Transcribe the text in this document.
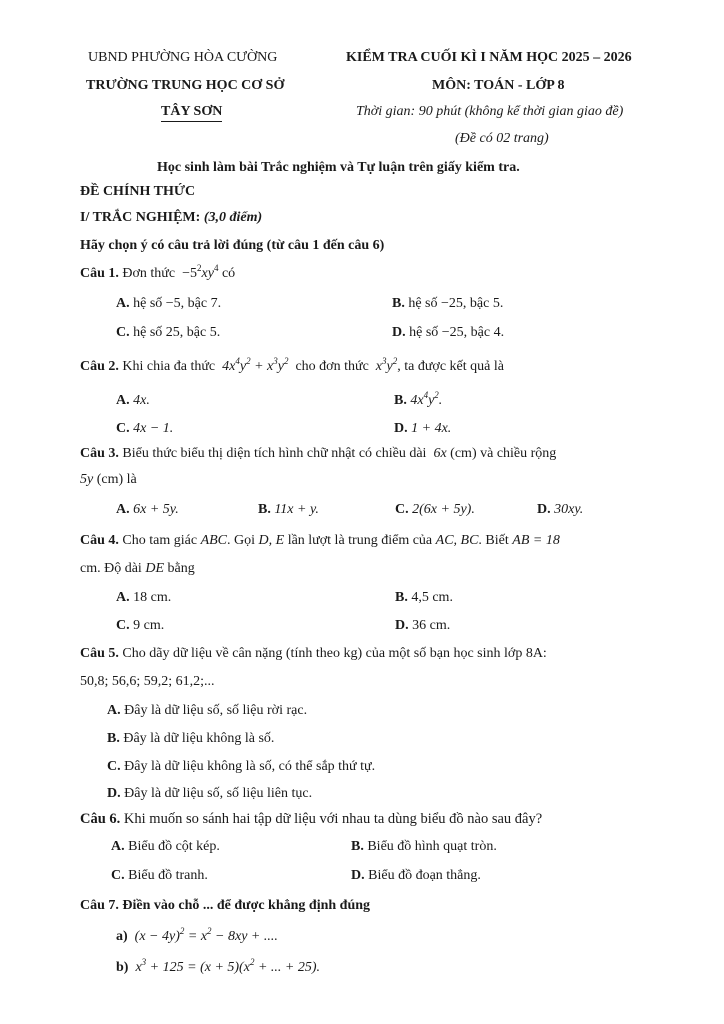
UBND PHƯỜNG HÒA CƯỜNG
TRƯỜNG TRUNG HỌC CƠ SỞ
TÂY SƠN
KIỂM TRA CUỐI KÌ I NĂM HỌC 2025 – 2026
MÔN: TOÁN - LỚP 8
Thời gian: 90 phút (không kể thời gian giao đề)
(Đề có 02 trang)
Học sinh làm bài Trắc nghiệm và Tự luận trên giấy kiểm tra.
ĐỀ CHÍNH THỨC
I/ TRẮC NGHIỆM: (3,0 điểm)
Hãy chọn ý có câu trả lời đúng (từ câu 1 đến câu 6)
Câu 1. Đơn thức $-5^2xy^4$ có
A. hệ số −5, bậc 7.	B. hệ số −25, bậc 5.
C. hệ số 25, bậc 5.	D. hệ số −25, bậc 4.
Câu 2. Khi chia đa thức $4x^4y^2 + x^3y^2$ cho đơn thức $x^3y^2$, ta được kết quả là
A. 4x.	B. $4x^4y^2$.
C. 4x − 1.	D. 1 + 4x.
Câu 3. Biểu thức biểu thị diện tích hình chữ nhật có chiều dài 6x (cm) và chiều rộng
5y (cm) là
A. 6x + 5y.	B. 11x + y.	C. 2(6x + 5y).	D. 30xy.
Câu 4. Cho tam giác ABC. Gọi D, E lần lượt là trung điểm của AC, BC. Biết AB = 18
cm. Độ dài DE bằng
A. 18 cm.	B. 4,5 cm.
C. 9 cm.	D. 36 cm.
Câu 5. Cho dãy dữ liệu về cân nặng (tính theo kg) của một số bạn học sinh lớp 8A:
50,8; 56,6; 59,2; 61,2;...
A. Đây là dữ liệu số, số liệu rời rạc.
B. Đây là dữ liệu không là số.
C. Đây là dữ liệu không là số, có thể sắp thứ tự.
D. Đây là dữ liệu số, số liệu liên tục.
Câu 6. Khi muốn so sánh hai tập dữ liệu với nhau ta dùng biểu đồ nào sau đây?
A. Biểu đồ cột kép.	B. Biểu đồ hình quạt tròn.
C. Biểu đồ tranh.	D. Biểu đồ đoạn thẳng.
Câu 7. Điền vào chỗ ... để được khẳng định đúng
a) $(x - 4y)^2 = x^2 - 8xy$ + ....
b) $x^3 + 125 = (x + 5)(x^2$ + ... + 25).
